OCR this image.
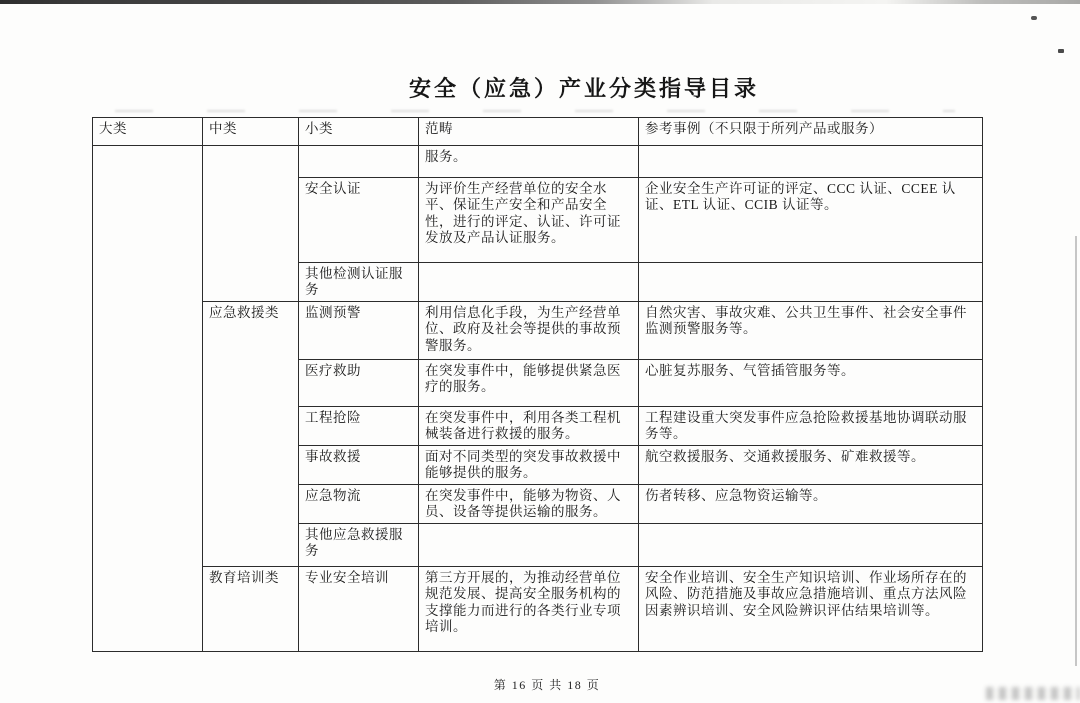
安全（应急）产业分类指导目录
大类	中类	小类	范畴	参考事例（不只限于所列产品或服务）
			服务。	
		安全认证	为评价生产经营单位的安全水平、保证生产安全和产品安全性，进行的评定、认证、许可证发放及产品认证服务。	企业安全生产许可证的评定、CCC 认证、CCEE 认证、ETL 认证、CCIB 认证等。
		其他检测认证服务		
	应急救援类	监测预警	利用信息化手段，为生产经营单位、政府及社会等提供的事故预警服务。	自然灾害、事故灾难、公共卫生事件、社会安全事件监测预警服务等。
		医疗救助	在突发事件中，能够提供紧急医疗的服务。	心脏复苏服务、气管插管服务等。
		工程抢险	在突发事件中，利用各类工程机械装备进行救援的服务。	工程建设重大突发事件应急抢险救援基地协调联动服务等。
		事故救援	面对不同类型的突发事故救援中能够提供的服务。	航空救援服务、交通救援服务、矿难救援等。
		应急物流	在突发事件中，能够为物资、人员、设备等提供运输的服务。	伤者转移、应急物资运输等。
		其他应急救援服务		
	教育培训类	专业安全培训	第三方开展的，为推动经营单位规范发展、提高安全服务机构的支撑能力而进行的各类行业专项培训。	安全作业培训、安全生产知识培训、作业场所存在的风险、防范措施及事故应急措施培训、重点方法风险因素辨识培训、安全风险辨识评估结果培训等。
第 16 页 共 18 页
